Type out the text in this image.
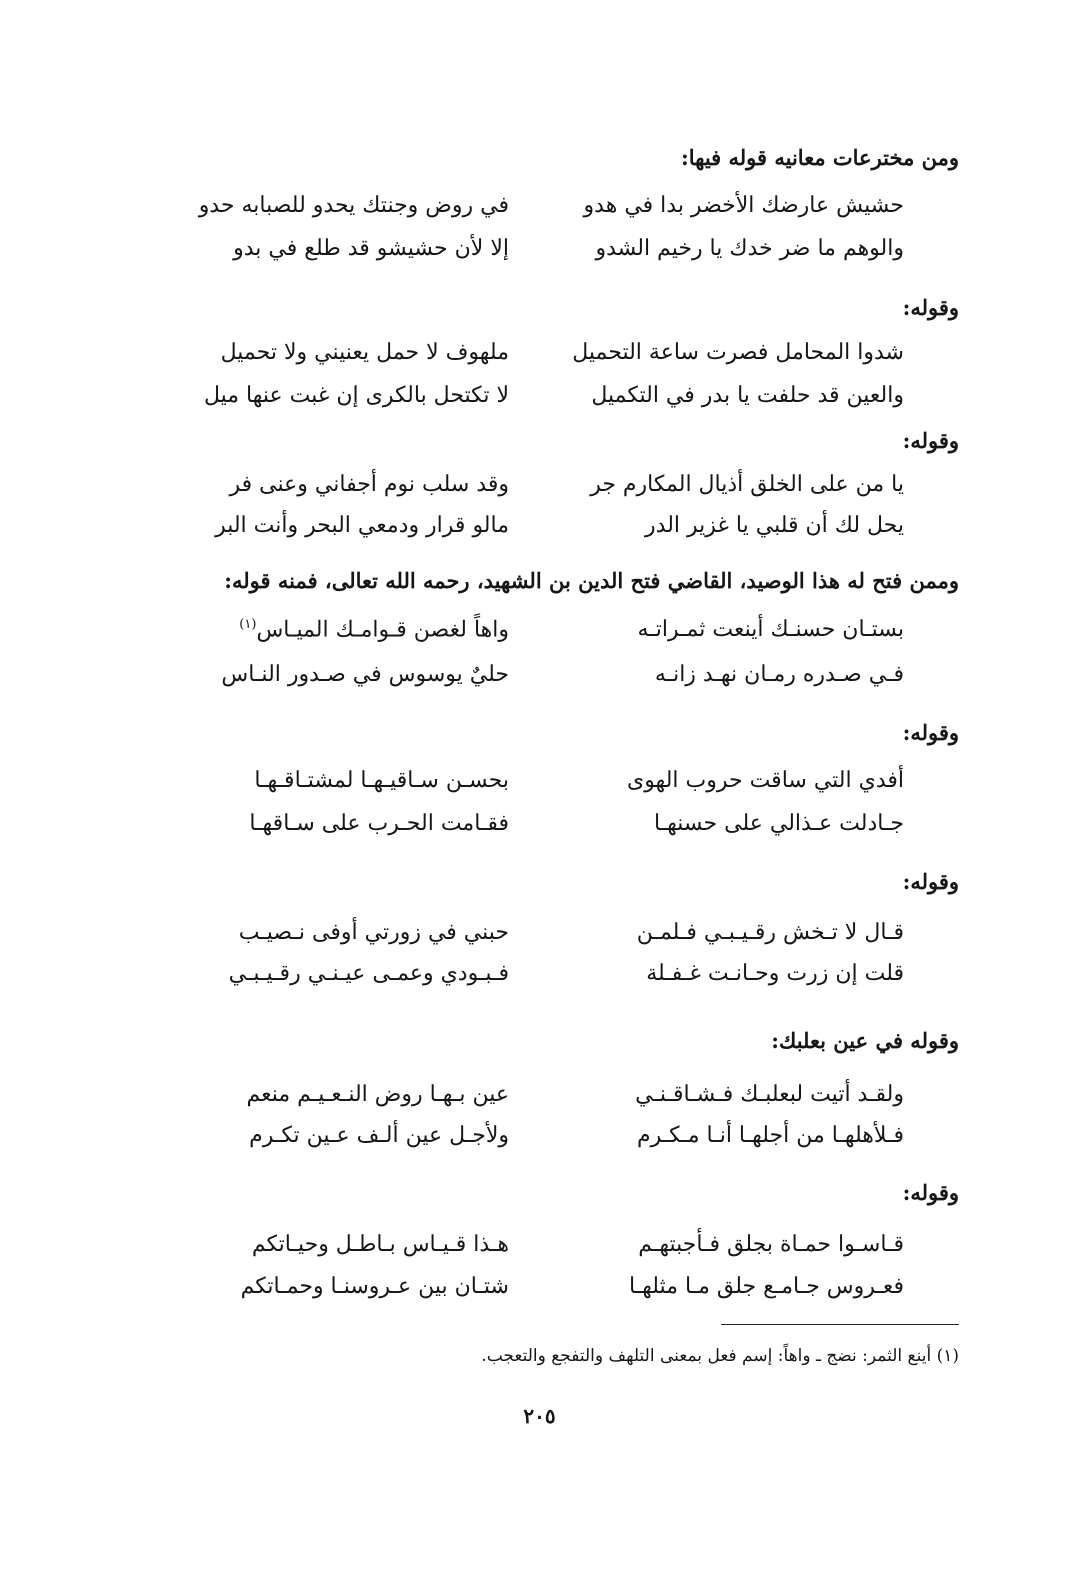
ومن مخترعات معانيه قوله فيها:
حشيش عارضك الأخضر بدا في هدو
في روض وجنتك يحدو للصبابه حدو
والوهم ما ضر خدك يا رخيم الشدو
إلا لأن حشيشو قد طلع في بدو
وقوله:
شدوا المحامل فصرت ساعة التحميل
ملهوف لا حمل يعنيني ولا تحميل
والعين قد حلفت يا بدر في التكميل
لا تكتحل بالكرى إن غبت عنها ميل
وقوله:
يا من على الخلق أذيال المكارم جر
وقد سلب نوم أجفاني وعنى فر
يحل لك أن قلبي يا غزير الدر
مالو قرار ودمعي البحر وأنت البر
وممن فتح له هذا الوصيد، القاضي فتح الدين بن الشهيد، رحمه الله تعالى، فمنه قوله:
بستـان حسنـك أينعت ثمـراتـه
واهاً لغصن قـوامـك الميـاس$^{(١)}$
فـي صـدره رمـان نهـد زانـه
حليٌ يوسوس في صـدور النـاس
وقوله:
أفدي التي ساقت حروب الهوى
بحسـن سـاقيـهـا لمشتـاقـهـا
جـادلت عـذالي على حسنهـا
فقـامت الحـرب على سـاقهـا
وقوله:
قـال لا تـخش رقـيـبـي فـلمـن
حبني في زورتي أوفى نـصيـب
قلت إن زرت وحـانـت غـفـلة
فـبـودي وعمـى عيـنـي رقـيـبـي
وقوله في عين بعلبك:
ولقـد أتيت لبعلبـك فـشـاقـنـي
عين بـهـا روض النـعـيـم منعم
فـلأهلهـا من أجلهـا أنـا مـكـرم
ولأجـل عين ألـف عـين تكـرم
وقوله:
قـاسـوا حمـاة بجلق فـأجبتهـم
هـذا قـيـاس بـاطـل وحيـاتكم
فعـروس جـامـع جلق مـا مثلهـا
شتـان بين عـروسنـا وحمـاتكم
(١) أينع الثمر: نضج ـ واهاً: إسم فعل بمعنى التلهف والتفجع والتعجب.
٢٠٥
